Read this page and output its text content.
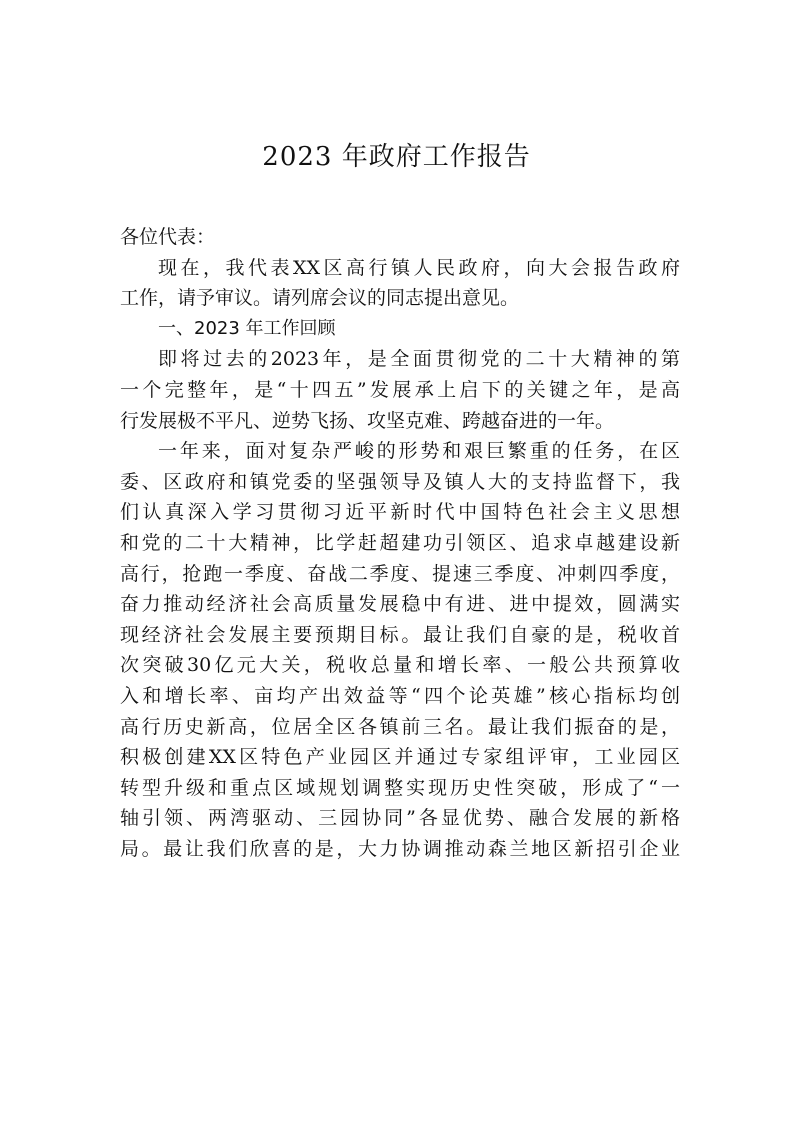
2023 年政府工作报告
各位代表：
现在，我代表XX区高行镇人民政府，向大会报告政府
工作，请予审议。请列席会议的同志提出意见。
一、2023 年工作回顾
即将过去的2023年，是全面贯彻党的二十大精神的第
一个完整年，是“十四五”发展承上启下的关键之年，是高
行发展极不平凡、逆势飞扬、攻坚克难、跨越奋进的一年。
一年来，面对复杂严峻的形势和艰巨繁重的任务，在区
委、区政府和镇党委的坚强领导及镇人大的支持监督下，我
们认真深入学习贯彻习近平新时代中国特色社会主义思想
和党的二十大精神，比学赶超建功引领区、追求卓越建设新
高行，抢跑一季度、奋战二季度、提速三季度、冲刺四季度，
奋力推动经济社会高质量发展稳中有进、进中提效，圆满实
现经济社会发展主要预期目标。最让我们自豪的是，税收首
次突破30亿元大关，税收总量和增长率、一般公共预算收
入和增长率、亩均产出效益等“四个论英雄”核心指标均创
高行历史新高，位居全区各镇前三名。最让我们振奋的是，
积极创建XX区特色产业园区并通过专家组评审，工业园区
转型升级和重点区域规划调整实现历史性突破，形成了“一
轴引领、两湾驱动、三园协同”各显优势、融合发展的新格
局。最让我们欣喜的是，大力协调推动森兰地区新招引企业
